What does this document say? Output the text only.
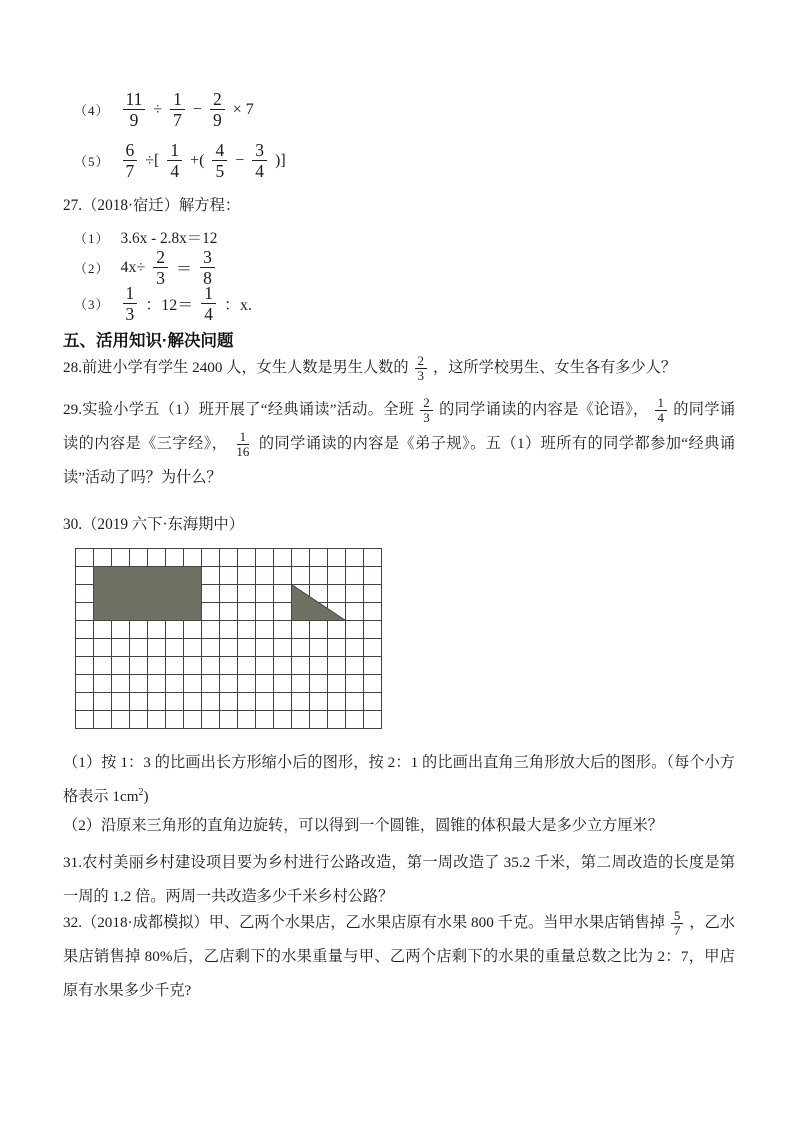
$(4) \frac{11}{9} \div \frac{1}{7} - \frac{2}{9} \times 7$
$(5) \frac{6}{7}$ ÷[ $\frac{1}{4}$ +( $\frac{4}{5} - \frac{3}{4}$ )]
27.（2018·宿迁）解方程：
（1） 3.6x - 2.8x＝12
（2） $4x\div \frac{2}{3} = \frac{3}{8}$
$(3) \frac{1}{3}$ ：$12= \frac{1}{4}$ ：x.
五、活用知识·解决问题
28.前进小学有学生 2400 人，女生人数是男生人数的 $\frac{2}{3}$ ，这所学校男生、女生各有多少人？
29.实验小学五（1）班开展了“经典诵读”活动。全班 $\frac{2}{3}$ 的同学诵读的内容是《论语》， $\frac{1}{4}$ 的同学诵读的内容是《三字经》， $\frac{1}{16}$ 的同学诵读的内容是《弟子规》。五（1）班所有的同学都参加“经典诵读”活动了吗？为什么？
30.（2019 六下·东海期中）
（1）按 1：3 的比画出长方形缩小后的图形，按 2：1 的比画出直角三角形放大后的图形。（每个小方格表示 $1cm^2$)
（2）沿原来三角形的直角边旋转，可以得到一个圆锥，圆锥的体积最大是多少立方厘米？
31.农村美丽乡村建设项目要为乡村进行公路改造，第一周改造了 35.2 千米，第二周改造的长度是第一周的 1.2 倍。两周一共改造多少千米乡村公路？
32.（2018·成都模拟）甲、乙两个水果店，乙水果店原有水果 800 千克。当甲水果店销售掉 $\frac{5}{7}$ ，乙水果店销售掉 80%后，乙店剩下的水果重量与甲、乙两个店剩下的水果的重量总数之比为 2：7，甲店原有水果多少千克?
